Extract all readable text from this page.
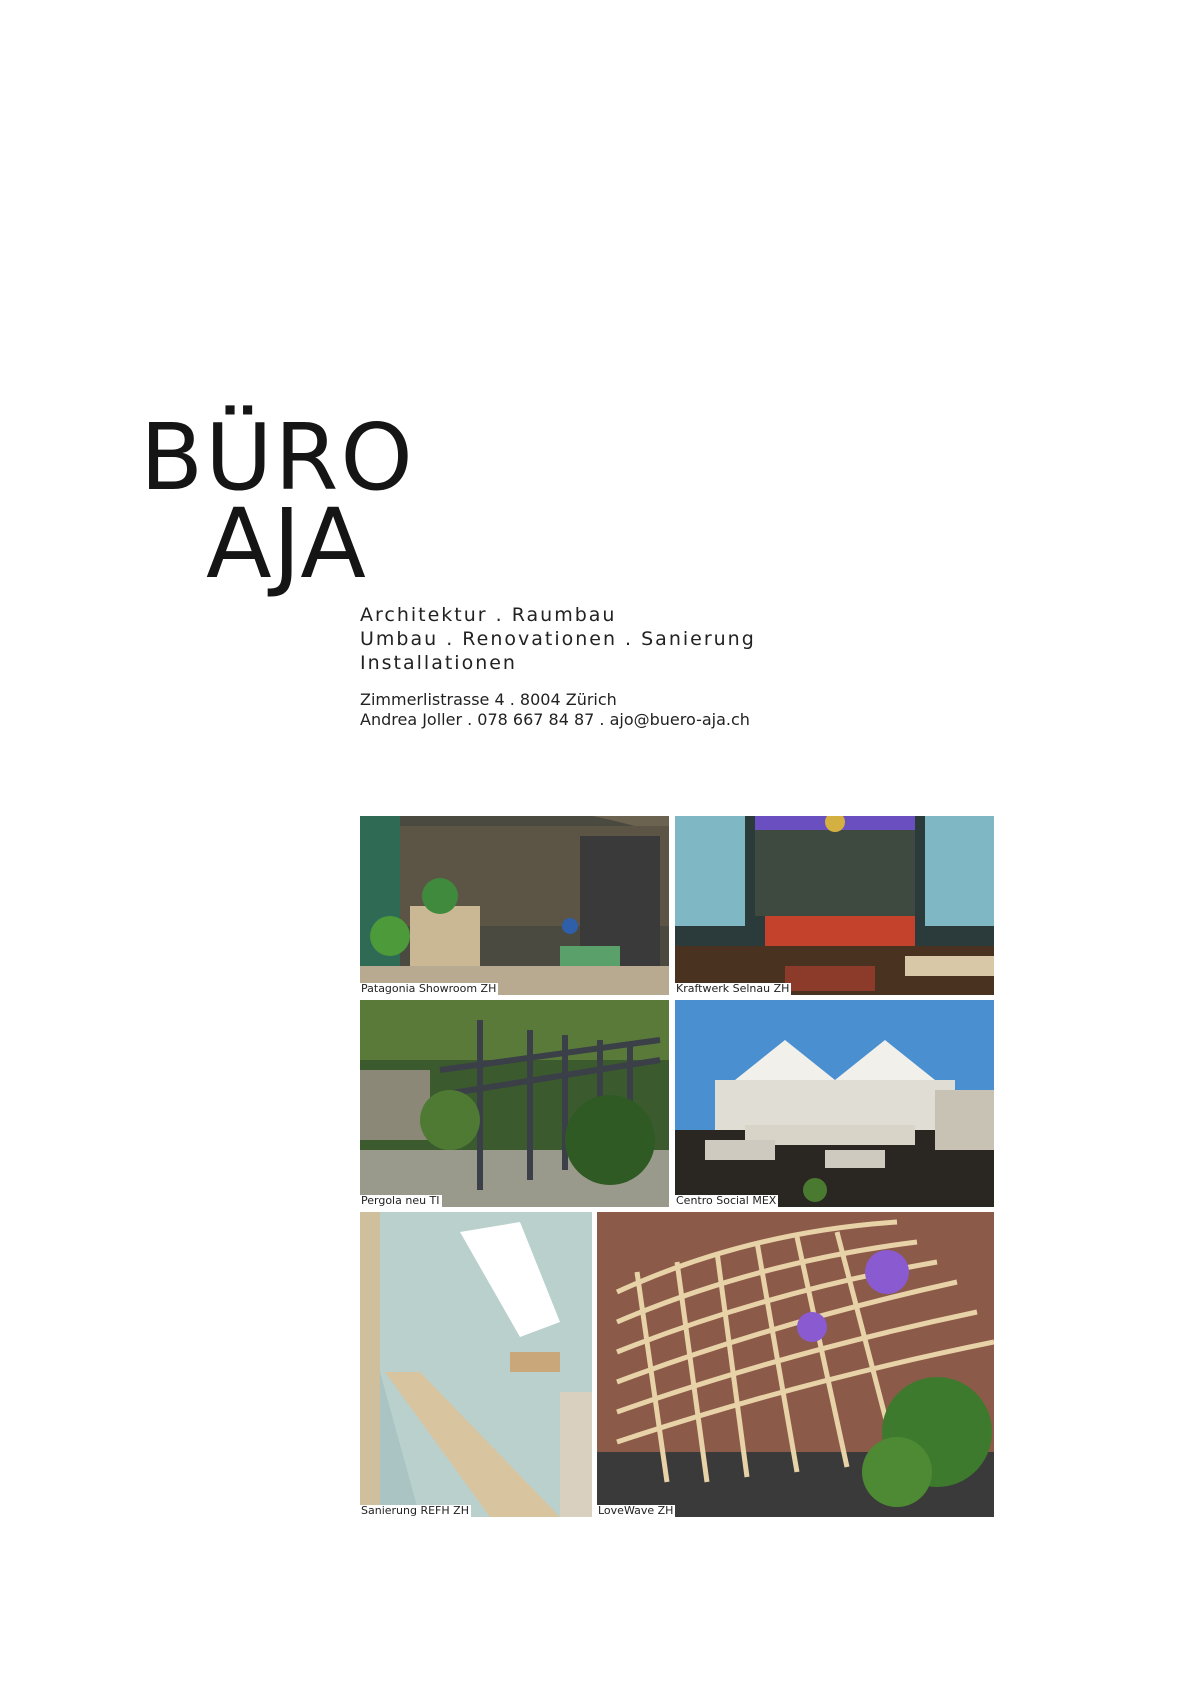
BÜRO
AJA
Architektur . Raumbau
Umbau . Renovationen . Sanierung
Installationen
Zimmerlistrasse 4 . 8004 Zürich
Andrea Joller . 078 667 84 87 . ajo@buero-aja.ch
Patagonia Showroom ZH	Kraftwerk Selnau ZH
Pergola neu TI	Centro Social MEX
Sanierung REFH ZH	LoveWave ZH
